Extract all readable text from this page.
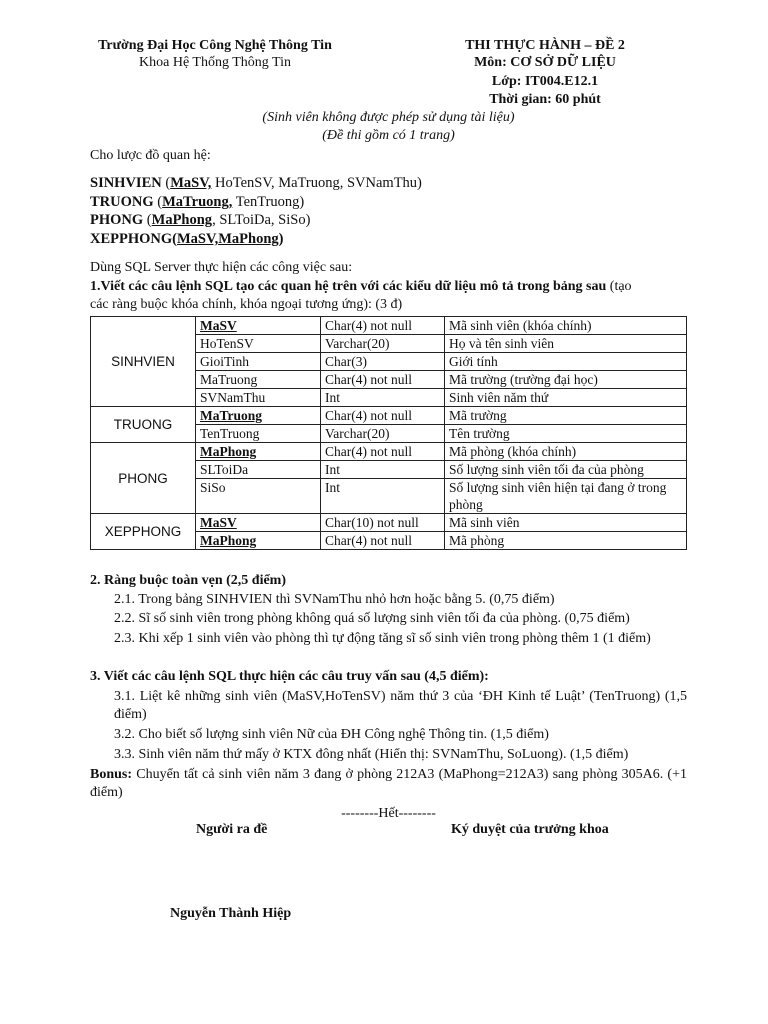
Trường Đại Học Công Nghệ Thông Tin
Khoa Hệ Thống Thông Tin
THI THỰC HÀNH – ĐỀ 2
Môn: CƠ SỞ DỮ LIỆU
Lớp: IT004.E12.1
Thời gian: 60 phút
(Sinh viên không được phép sử dụng tài liệu)
(Đề thi gồm có 1 trang)
Cho lược đồ quan hệ:
SINHVIEN (MaSV, HoTenSV, MaTruong, SVNamThu)
TRUONG (MaTruong, TenTruong)
PHONG (MaPhong, SLToiDa, SiSo)
XEPPHONG(MaSV,MaPhong)
Dùng SQL Server thực hiện các công việc sau:
1.Viết các câu lệnh SQL tạo các quan hệ trên với các kiểu dữ liệu mô tả trong bảng sau (tạo
các ràng buộc khóa chính, khóa ngoại tương ứng): (3 đ)
SINHVIEN	MaSV	Char(4) not null	Mã sinh viên (khóa chính)
	HoTenSV	Varchar(20)	Họ và tên sinh viên
	GioiTinh	Char(3)	Giới tính
	MaTruong	Char(4) not null	Mã trường (trường đại học)
	SVNamThu	Int	Sinh viên năm thứ
TRUONG	MaTruong	Char(4) not null	Mã trường
	TenTruong	Varchar(20)	Tên trường
PHONG	MaPhong	Char(4) not null	Mã phòng (khóa chính)
	SLToiDa	Int	Số lượng sinh viên tối đa của phòng
	SiSo	Int	Số lượng sinh viên hiện tại đang ở trong phòng
XEPPHONG	MaSV	Char(10) not null	Mã sinh viên
	MaPhong	Char(4) not null	Mã phòng
2. Ràng buộc toàn vẹn (2,5 điểm)
2.1. Trong bảng SINHVIEN thì SVNamThu nhỏ hơn hoặc bằng 5. (0,75 điểm)
2.2. Sĩ số sinh viên trong phòng không quá số lượng sinh viên tối đa của phòng. (0,75 điểm)
2.3. Khi xếp 1 sinh viên vào phòng thì tự động tăng sĩ số sinh viên trong phòng thêm 1 (1 điểm)
3. Viết các câu lệnh SQL thực hiện các câu truy vấn sau (4,5 điểm):
3.1. Liệt kê những sinh viên (MaSV,HoTenSV) năm thứ 3 của ‘ĐH Kinh tế Luật’ (TenTruong) (1,5 điểm)
3.2. Cho biết số lượng sinh viên Nữ của ĐH Công nghệ Thông tin. (1,5 điểm)
3.3. Sinh viên năm thứ mấy ở KTX đông nhất (Hiển thị: SVNamThu, SoLuong). (1,5 điểm)
Bonus: Chuyển tất cả sinh viên năm 3 đang ở phòng 212A3 (MaPhong=212A3) sang phòng 305A6. (+1 điểm)
--------Hết--------
Người ra đề	Ký duyệt của trưởng khoa
Nguyễn Thành Hiệp
